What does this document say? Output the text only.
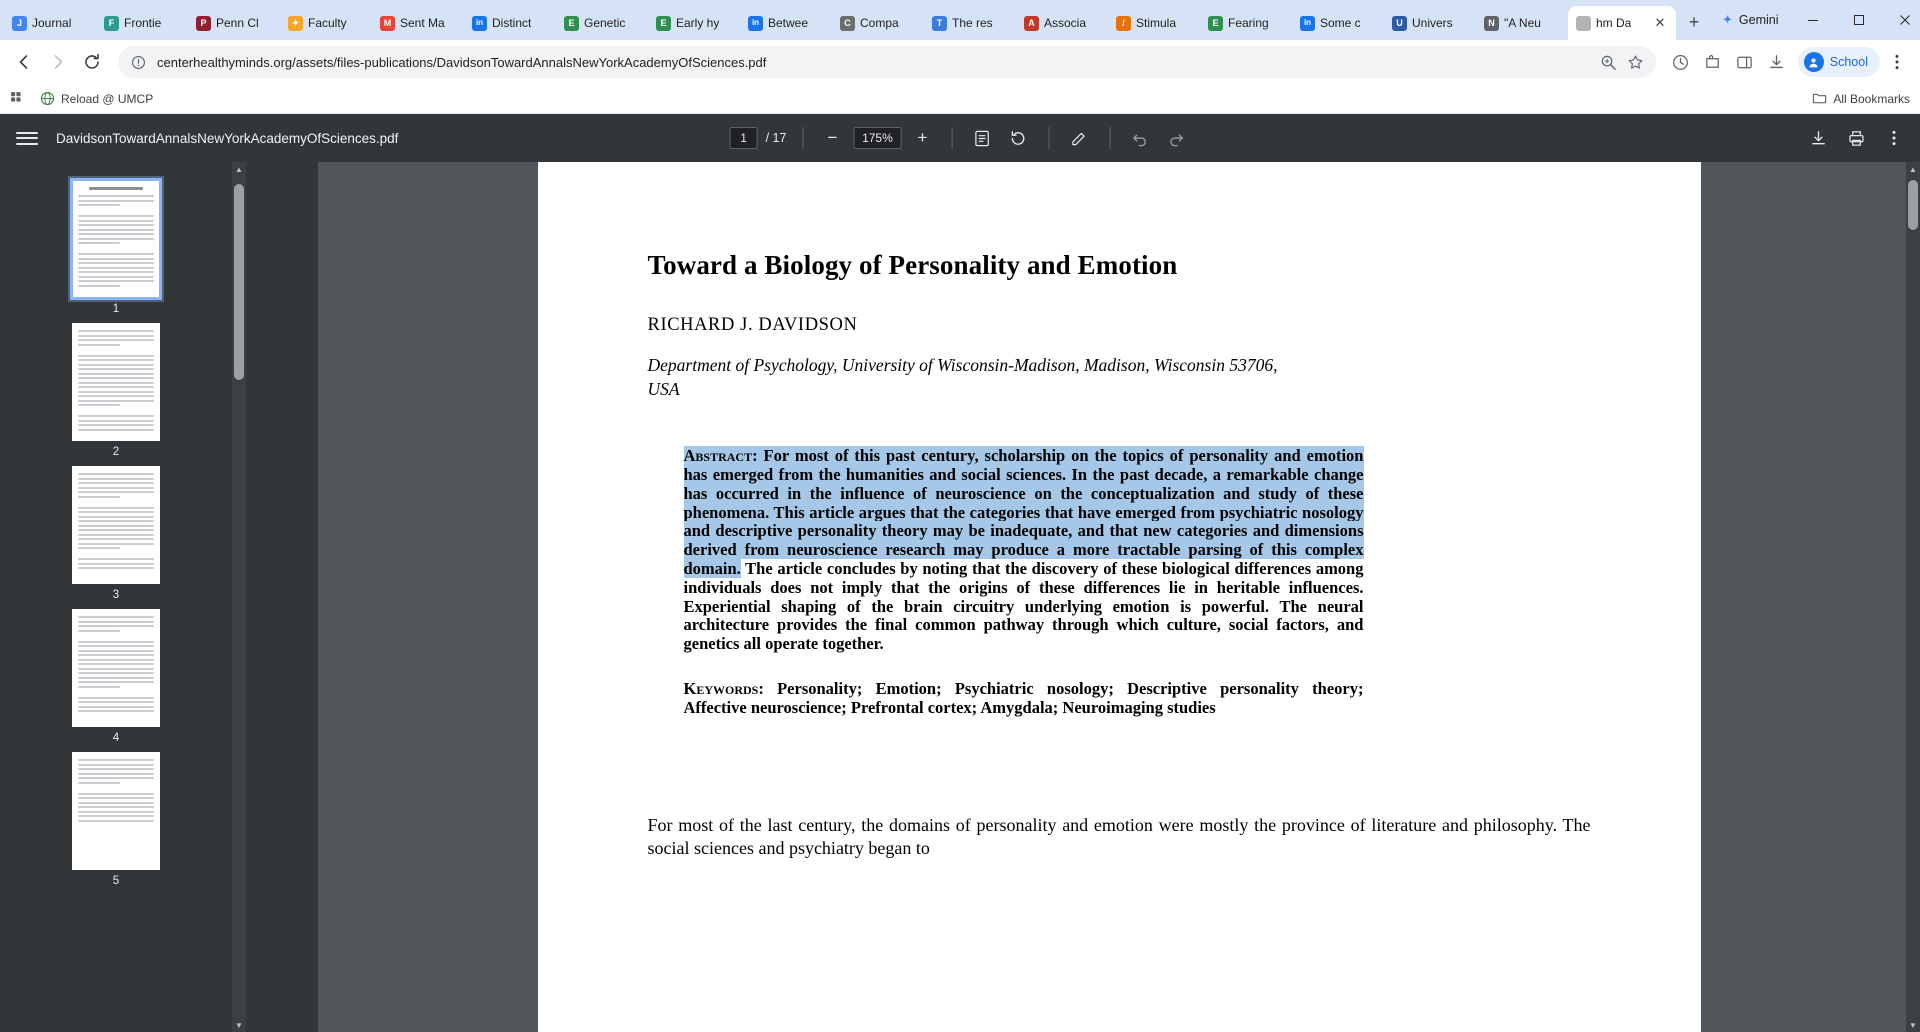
J Journal	F Frontie	P Penn Cl	✦ Faculty	M Sent Ma	in Distinct	E Genetic	E Early hy	in Betwee	C Compa	T The res	A Associa	/ Stimula	E Fearing	in Some c	U Univers	N "A Neu	hm Da ✕	+	✦ Gemini
centerhealthyminds.org/assets/files-publications/DavidsonTowardAnnalsNewYorkAcademyOfSciences.pdf	School
Reload @ UMCP	All Bookmarks
DavidsonTowardAnnalsNewYorkAcademyOfSciences.pdf	1	/ 17	−	175%	+
1
2
3
4
5
▲
▼
Toward a Biology of Personality and Emotion
RICHARD J. DAVIDSON
Department of Psychology, University of Wisconsin-Madison, Madison, Wisconsin 53706, USA

Abstract: For most of this past century, scholarship on the topics of personality and emotion has emerged from the humanities and social sciences. In the past decade, a remarkable change has occurred in the influence of neuroscience on the conceptualization and study of these phenomena. This article argues that the categories that have emerged from psychiatric nosology and descriptive personality theory may be inadequate, and that new categories and dimensions derived from neuroscience research may produce a more tractable parsing of this complex domain. The article concludes by noting that the discovery of these biological differences among individuals does not imply that the origins of these differences lie in heritable influences. Experiential shaping of the brain circuitry underlying emotion is powerful. The neural architecture provides the final common pathway through which culture, social factors, and genetics all operate together.

Keywords: Personality; Emotion; Psychiatric nosology; Descriptive personality theory; Affective neuroscience; Prefrontal cortex; Amygdala; Neuroimaging studies

For most of the last century, the domains of personality and emotion were mostly the province of literature and philosophy. The social sciences and psychiatry began to

▲
▼
